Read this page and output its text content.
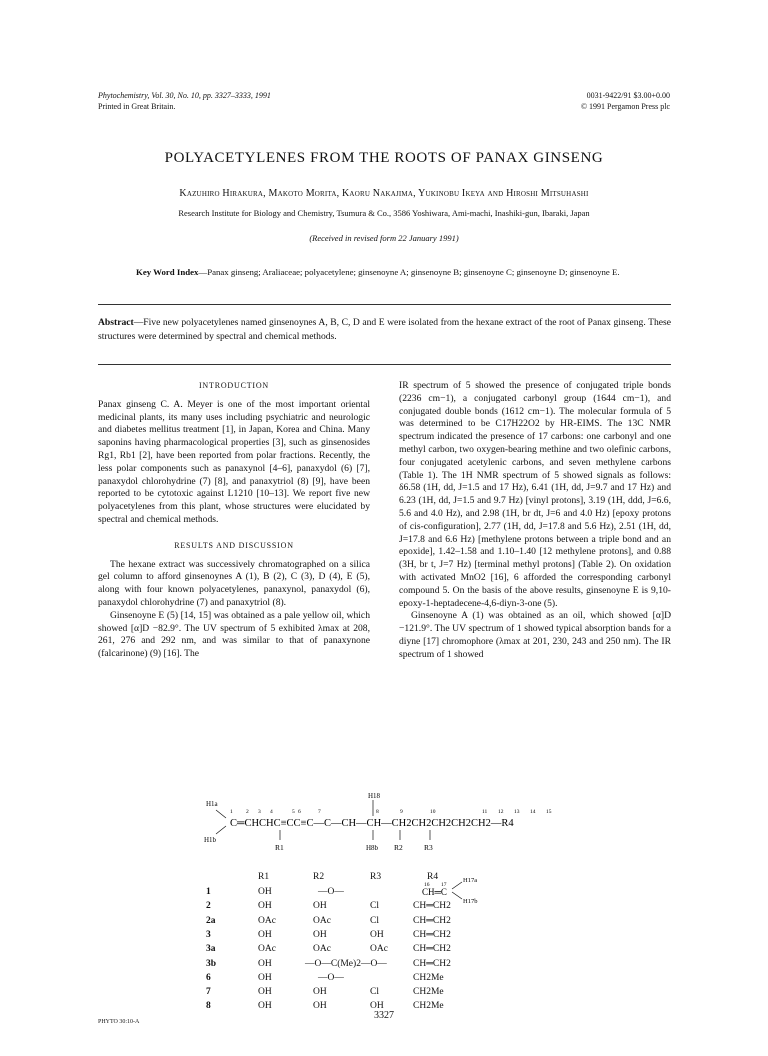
Phytochemistry, Vol. 30, No. 10, pp. 3327–3333, 1991
Printed in Great Britain.
0031-9422/91 $3.00+0.00
© 1991 Pergamon Press plc
POLYACETYLENES FROM THE ROOTS OF PANAX GINSENG
Kazuhiro Hirakura, Makoto Morita, Kaoru Nakajima, Yukinobu Ikeya and Hiroshi Mitsuhashi
Research Institute for Biology and Chemistry, Tsumura & Co., 3586 Yoshiwara, Ami-machi, Inashiki-gun, Ibaraki, Japan
(Received in revised form 22 January 1991)
Key Word Index—Panax ginseng; Araliaceae; polyacetylene; ginsenoyne A; ginsenoyne B; ginsenoyne C; ginsenoyne D; ginsenoyne E.
Abstract—Five new polyacetylenes named ginsenoynes A, B, C, D and E were isolated from the hexane extract of the root of Panax ginseng. These structures were determined by spectral and chemical methods.
INTRODUCTION

Panax ginseng C. A. Meyer is one of the most important oriental medicinal plants, its many uses including psychiatric and neurologic and diabetes mellitus treatment [1], in Japan, Korea and China. Many saponins having pharmacological properties [3], such as ginsenosides Rg1, Rb1 [2], have been reported from polar fractions. Recently, the less polar components such as panaxynol [4–6], panaxydol (6) [7], panaxydol chlorohydrine (7) [8], and panaxytriol (8) [9], have been reported to be cytotoxic against L1210 [10–13]. We report five new polyacetylenes from this plant, whose structures were elucidated by spectral and chemical methods.

RESULTS AND DISCUSSION

The hexane extract was successively chromatographed on a silica gel column to afford ginsenoynes A (1), B (2), C (3), D (4), E (5), along with four known polyacetylenes, panaxynol, panaxydol (6), panaxydol chlorohydrine (7) and panaxytriol (8).

Ginsenoyne E (5) [14, 15] was obtained as a pale yellow oil, which showed [α]D −82.9°. The UV spectrum of 5 exhibited λmax at 208, 261, 276 and 292 nm, and was similar to that of panaxynone (falcarinone) (9) [16]. The

IR spectrum of 5 showed the presence of conjugated triple bonds (2236 cm−1), a conjugated carbonyl group (1644 cm−1), and conjugated double bonds (1612 cm−1). The molecular formula of 5 was determined to be C17H22O2 by HR-EIMS. The 13C NMR spectrum indicated the presence of 17 carbons: one carbonyl and one methyl carbon, two oxygen-bearing methine and two olefinic carbons, four conjugated acetylenic carbons, and seven methylene carbons (Table 1). The 1H NMR spectrum of 5 showed signals as follows: δ6.58 (1H, dd, J=1.5 and 17 Hz), 6.41 (1H, dd, J=9.7 and 17 Hz) and 6.23 (1H, dd, J=1.5 and 9.7 Hz) [vinyl protons], 3.19 (1H, ddd, J=6.6, 5.6 and 4.0 Hz), and 2.98 (1H, br dt, J=6 and 4.0 Hz) [epoxy protons of cis-configuration], 2.77 (1H, dd, J=17.8 and 5.6 Hz), 2.51 (1H, dd, J=17.8 and 6.6 Hz) [methylene protons between a triple bond and an epoxide], 1.42–1.58 and 1.10–1.40 [12 methylene protons], and 0.88 (3H, br t, J=7 Hz) [terminal methyl protons] (Table 2). On oxidation with activated MnO2 [16], 6 afforded the corresponding carbonyl compound 5. On the basis of the above results, ginsenoyne E is 9,10-epoxy-1-heptadecene-4,6-diyn-3-one (5).

Ginsenoyne A (1) was obtained as an oil, which showed [α]D −121.9°. The UV spectrum of 1 showed typical absorption bands for a diyne [17] chromophore (λmax at 201, 230, 243 and 250 nm). The IR spectrum of 1 showed

H18
H1a
H1b
C═CHCHC≡CC≡C—C—CH—CH—CH2CH2CH2CH2CH2—R4
R1	H8b R2	R3
1 2 3 4	5 6	7	8	9	10	11 12 13 14 15
16 17
CH═C
H17a
H17b
R1	R2	R3	R4
1	OH	—O—
2	OH	OH	Cl	CH═CH2
2a	OAc	OAc	Cl	CH═CH2
3	OH	OH	OH	CH═CH2
3a	OAc	OAc	OAc	CH═CH2
3b	OH	—O—C(Me)2—O—	CH═CH2
6	OH	—O—	CH2Me
7	OH	OH	Cl	CH2Me
8	OH	OH	OH	CH2Me
3327
PHYTO 30:10-A
